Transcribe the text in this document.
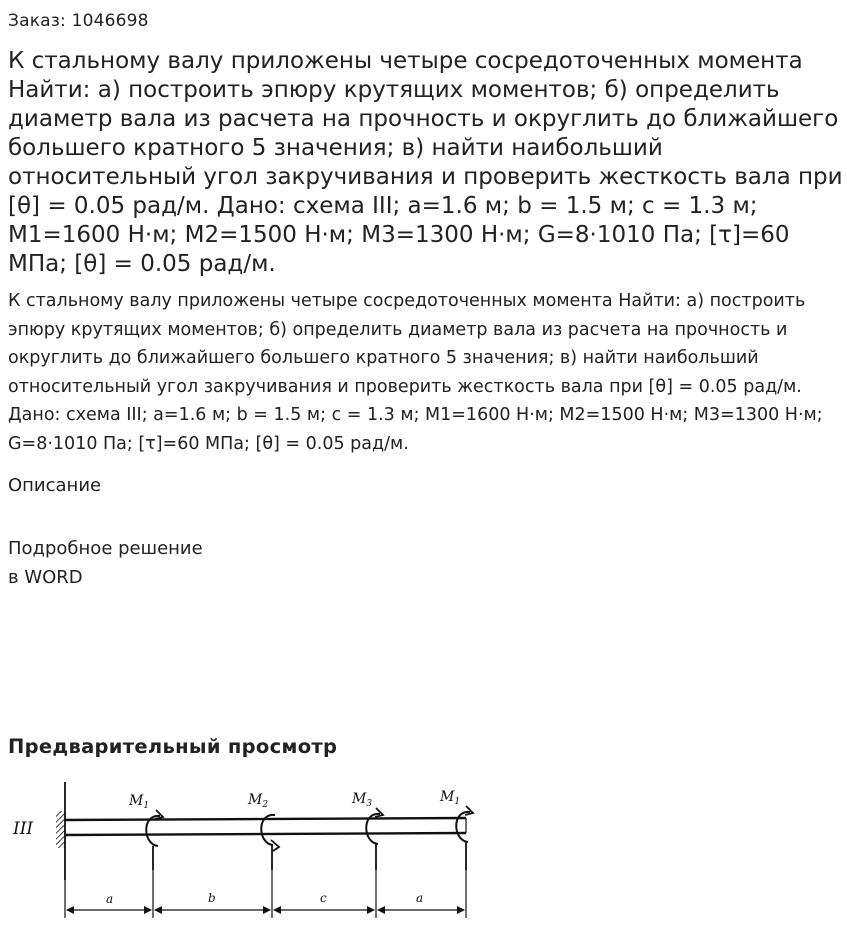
Заказ: 1046698
К стальному валу приложены четыре сосредоточенных момента Найти: а) построить эпюру крутящих моментов; б) определить диаметр вала из расчета на прочность и округлить до ближайшего большего кратного 5 значения; в) найти наибольший относительный угол закручивания и проверить жесткость вала при [θ] = 0.05 рад/м. Дано: схема III; a=1.6 м; b = 1.5 м; c = 1.3 м; M1=1600 Н·м; M2=1500 Н·м; M3=1300 Н·м; G=8·1010 Па; [τ]=60 МПа; [θ] = 0.05 рад/м.

К стальному валу приложены четыре сосредоточенных момента Найти: а) построить эпюру крутящих моментов; б) определить диаметр вала из расчета на прочность и округлить до ближайшего большего кратного 5 значения; в) найти наибольший относительный угол закручивания и проверить жесткость вала при [θ] = 0.05 рад/м. Дано: схема III; a=1.6 м; b = 1.5 м; c = 1.3 м; M1=1600 Н·м; M2=1500 Н·м; M3=1300 Н·м; G=8·1010 Па; [τ]=60 МПа; [θ] = 0.05 рад/м.

Описание
Подробное решение
в WORD
Предварительный просмотр
III
$M_1$	$M_2$	$M_3$	$M_1$
a	b	c	a
